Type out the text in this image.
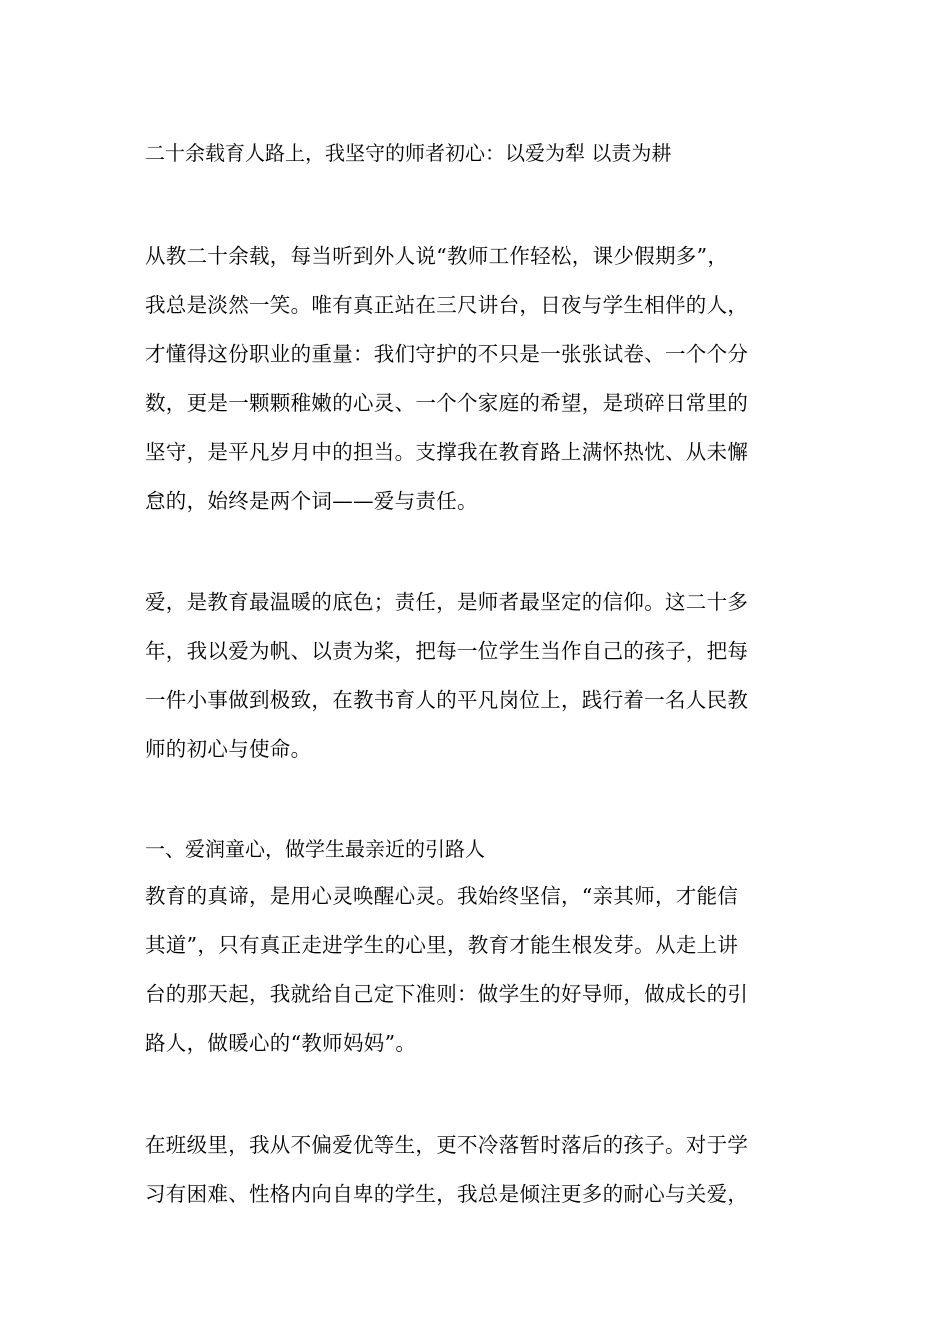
二十余载育人路上，我坚守的师者初心：以爱为犁 以责为耕
从教二十余载，每当听到外人说“教师工作轻松，课少假期多”，
我总是淡然一笑。唯有真正站在三尺讲台，日夜与学生相伴的人，
才懂得这份职业的重量：我们守护的不只是一张张试卷、一个个分
数，更是一颗颗稚嫩的心灵、一个个家庭的希望，是琐碎日常里的
坚守，是平凡岁月中的担当。支撑我在教育路上满怀热忱、从未懈
怠的，始终是两个词——爱与责任。
爱，是教育最温暖的底色；责任，是师者最坚定的信仰。这二十多
年，我以爱为帆、以责为桨，把每一位学生当作自己的孩子，把每
一件小事做到极致，在教书育人的平凡岗位上，践行着一名人民教
师的初心与使命。
一、爱润童心，做学生最亲近的引路人
教育的真谛，是用心灵唤醒心灵。我始终坚信，“亲其师，才能信
其道”，只有真正走进学生的心里，教育才能生根发芽。从走上讲
台的那天起，我就给自己定下准则：做学生的好导师，做成长的引
路人，做暖心的“教师妈妈”。
在班级里，我从不偏爱优等生，更不冷落暂时落后的孩子。对于学
习有困难、性格内向自卑的学生，我总是倾注更多的耐心与关爱，
